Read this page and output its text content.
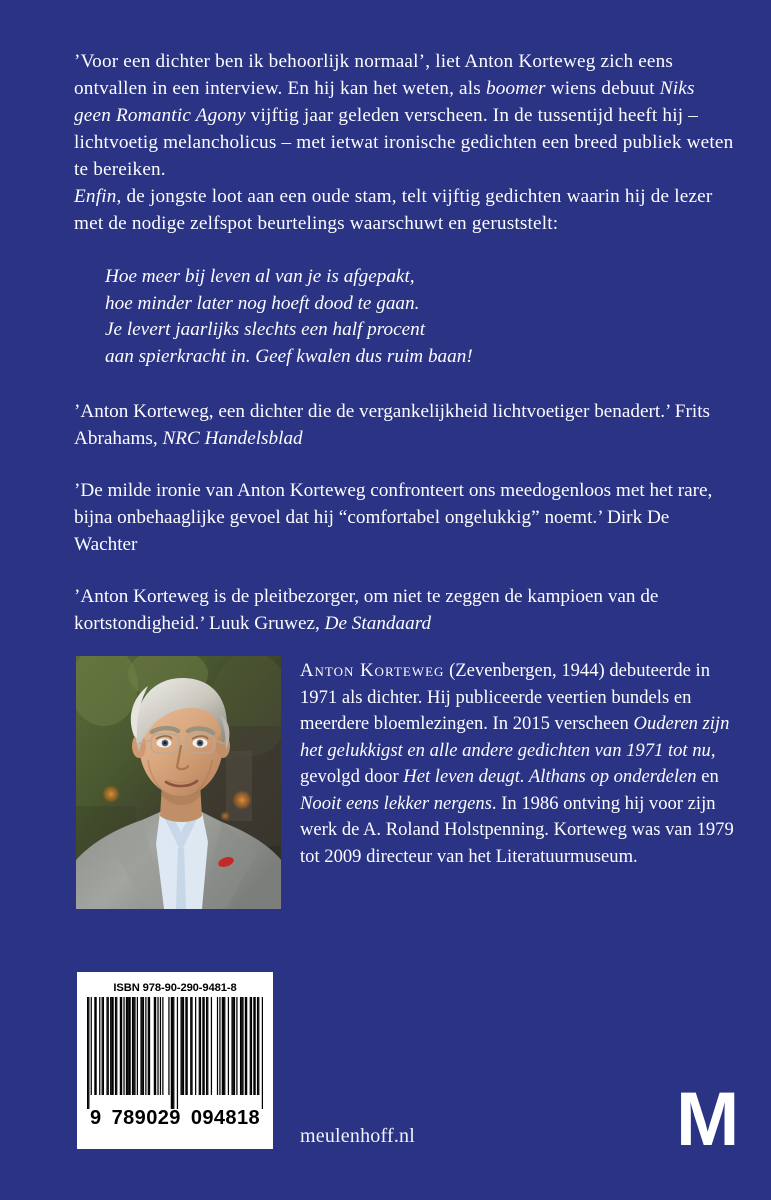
’Voor een dichter ben ik behoorlijk normaal’, liet Anton Korteweg zich eens ontvallen in een interview. En hij kan het weten, als boomer wiens debuut Niks geen Romantic Agony vijftig jaar geleden verscheen. In de tussentijd heeft hij – lichtvoetig melancholicus – met ietwat ironische gedichten een breed publiek weten te bereiken.

Enfin, de jongste loot aan een oude stam, telt vijftig gedichten waarin hij de lezer met de nodige zelfspot beurtelings waarschuwt en geruststelt:

Hoe meer bij leven al van je is afgepakt,
hoe minder later nog hoeft dood te gaan.
Je levert jaarlijks slechts een half procent
aan spierkracht in. Geef kwalen dus ruim baan!

’Anton Korteweg, een dichter die de vergankelijkheid lichtvoetiger benadert.’ Frits Abrahams, NRC Handelsblad

’De milde ironie van Anton Korteweg confronteert ons meedogenloos met het rare, bijna onbehaaglijke gevoel dat hij “comfortabel ongelukkig” noemt.’ Dirk De Wachter

’Anton Korteweg is de pleitbezorger, om niet te zeggen de kampioen van de kortstondigheid.’ Luuk Gruwez, De Standaard

Anton Korteweg (Zevenbergen, 1944) debuteerde in 1971 als dichter. Hij publiceerde veertien bundels en meerdere bloemlezingen. In 2015 verscheen Ouderen zijn het gelukkigst en alle andere gedichten van 1971 tot nu, gevolgd door Het leven deugt. Althans op onderdelen en Nooit eens lekker nergens. In 1986 ontving hij voor zijn werk de A. Roland Holstpenning. Korteweg was van 1979 tot 2009 directeur van het Literatuurmuseum.

ISBN 978-90-290-9481-8
9 789029 094818
meulenhoff.nl	M
